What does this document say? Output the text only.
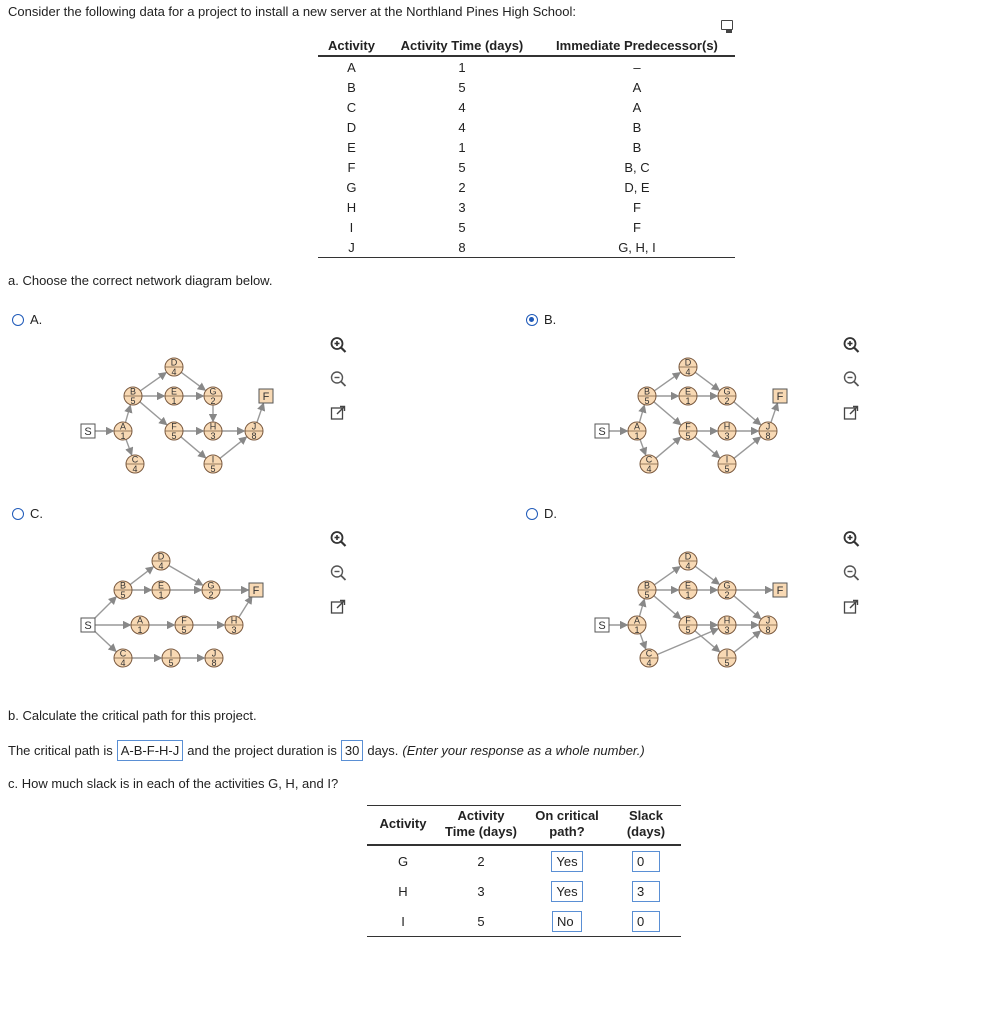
Consider the following data for a project to install a new server at the Northland Pines High School:
Activity	Activity Time (days)	Immediate Predecessor(s)
A	1	–
B	5	A
C	4	A
D	4	B
E	1	B
F	5	B, C
G	2	D, E
H	3	F
I	5	F
J	8	G, H, I
a. Choose the correct network diagram below.
A.	B.
C.	D.
S
F
A
1
B
5
C
4
D
4
E
1
F
5
G
2
H
3
I
5
J
8	S
F
A
1
B
5
C
4
D
4
E
1
F
5
G
2
H
3
I
5
J
8
S
F
A
1
B
5
C
4
D
4
E
1
F
5
G
2
H
3
I
5
J
8
S
F
A
1
B
5
C
4
D
4
E
1
F
5
G
2
H
3
I
5
J
8
b. Calculate the critical path for this project.
The critical path is A-B-F-H-J and the project duration is 30 days. (Enter your response as a whole number.)
c. How much slack is in each of the activities G, H, and I?
Activity	Activity Time (days)	On critical path?	Slack (days)
G	2	Yes	0
H	3	Yes	3
I	5	No	0
